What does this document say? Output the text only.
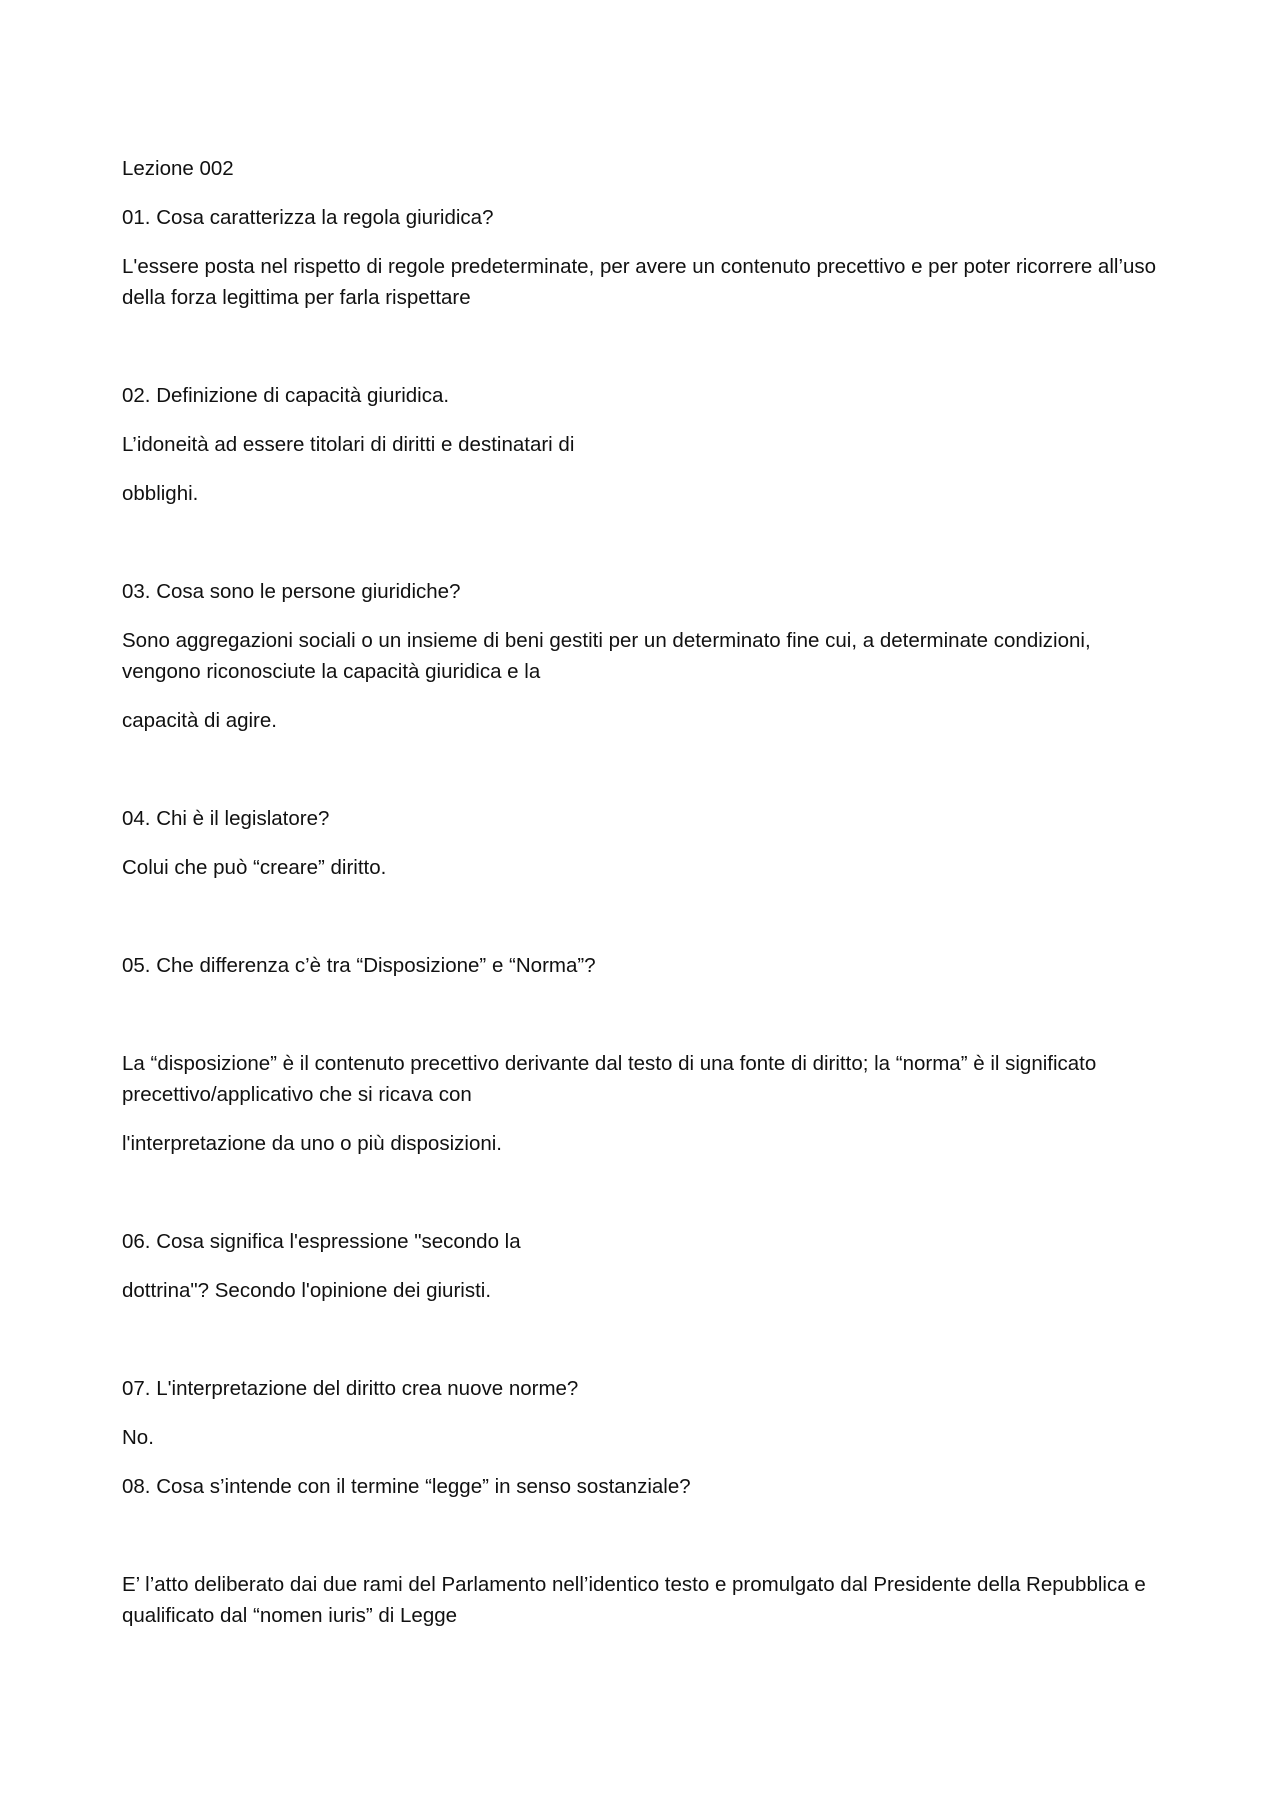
Lezione 002

01. Cosa caratterizza la regola giuridica?

L'essere posta nel rispetto di regole predeterminate, per avere un contenuto precettivo e per poter ricorrere all’uso della forza legittima per farla rispettare

02. Definizione di capacità giuridica.

L’idoneità ad essere titolari di diritti e destinatari di

obblighi.

03. Cosa sono le persone giuridiche?

Sono aggregazioni sociali o un insieme di beni gestiti per un determinato fine cui, a determinate condizioni, vengono riconosciute la capacità giuridica e la

capacità di agire.

04. Chi è il legislatore?

Colui che può “creare” diritto.

05. Che differenza c’è tra “Disposizione” e “Norma”?

La “disposizione” è il contenuto precettivo derivante dal testo di una fonte di diritto; la “norma” è il significato precettivo/applicativo che si ricava con

l'interpretazione da uno o più disposizioni.

06. Cosa significa l'espressione "secondo la

dottrina"? Secondo l'opinione dei giuristi.

07. L'interpretazione del diritto crea nuove norme?

No.

08. Cosa s’intende con il termine “legge” in senso sostanziale?

E’ l’atto deliberato dai due rami del Parlamento nell’identico testo e promulgato dal Presidente della Repubblica e qualificato dal “nomen iuris” di Legge
